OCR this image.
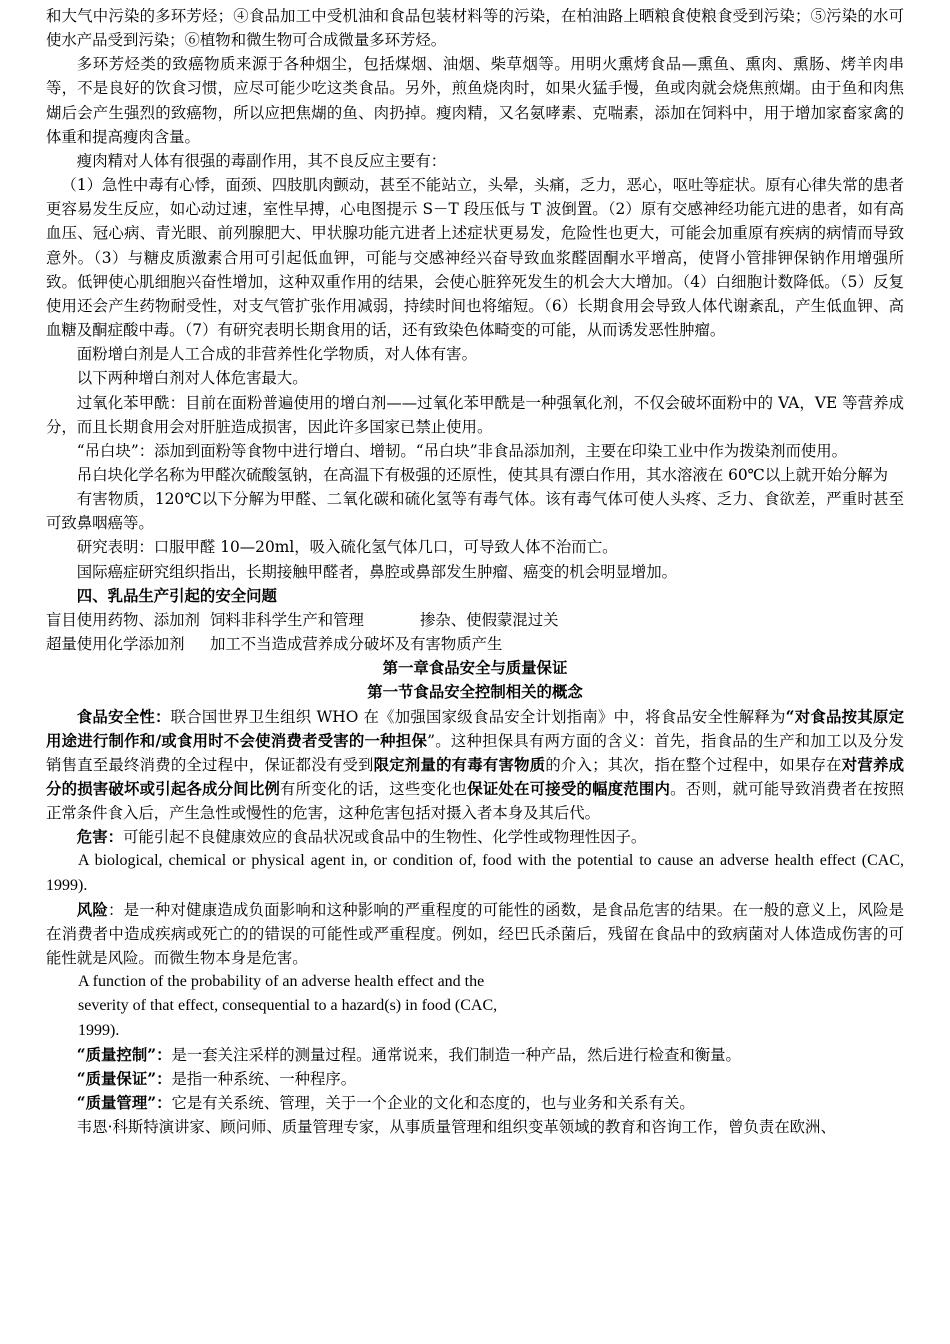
和大气中污染的多环芳烃；④食品加工中受机油和食品包装材料等的污染，在柏油路上晒粮食使粮食受到污染；⑤污染的水可使水产品受到污染；⑥植物和微生物可合成微量多环芳烃。

多环芳烃类的致癌物质来源于各种烟尘，包括煤烟、油烟、柴草烟等。用明火熏烤食品—熏鱼、熏肉、熏肠、烤羊肉串等，不是良好的饮食习惯，应尽可能少吃这类食品。另外，煎鱼烧肉时，如果火猛手慢，鱼或肉就会烧焦煎煳。由于鱼和肉焦煳后会产生强烈的致癌物，所以应把焦煳的鱼、肉扔掉。瘦肉精，又名氨哮素、克喘素，添加在饲料中，用于增加家畜家禽的体重和提高瘦肉含量。

瘦肉精对人体有很强的毒副作用，其不良反应主要有：

（1）急性中毒有心悸，面颈、四肢肌肉颤动，甚至不能站立，头晕，头痛，乏力，恶心，呕吐等症状。原有心律失常的患者更容易发生反应，如心动过速，室性早搏，心电图提示 S－T 段压低与 T 波倒置。（2）原有交感神经功能亢进的患者，如有高血压、冠心病、青光眼、前列腺肥大、甲状腺功能亢进者上述症状更易发，危险性也更大，可能会加重原有疾病的病情而导致意外。（3）与糖皮质激素合用可引起低血钾，可能与交感神经兴奋导致血浆醛固酮水平增高，使肾小管排钾保钠作用增强所致。低钾使心肌细胞兴奋性增加，这种双重作用的结果，会使心脏猝死发生的机会大大增加。（4）白细胞计数降低。（5）反复使用还会产生药物耐受性，对支气管扩张作用减弱，持续时间也将缩短。（6）长期食用会导致人体代谢紊乱，产生低血钾、高血糖及酮症酸中毒。（7）有研究表明长期食用的话，还有致染色体畸变的可能，从而诱发恶性肿瘤。

面粉增白剂是人工合成的非营养性化学物质，对人体有害。

以下两种增白剂对人体危害最大。

过氧化苯甲酰：目前在面粉普遍使用的增白剂——过氧化苯甲酰是一种强氧化剂，不仅会破坏面粉中的 VA，VE 等营养成分，而且长期食用会对肝脏造成损害，因此许多国家已禁止使用。

“吊白块”：添加到面粉等食物中进行增白、增韧。“吊白块”非食品添加剂，主要在印染工业中作为拨染剂而使用。

吊白块化学名称为甲醛次硫酸氢钠，在高温下有极强的还原性，使其具有漂白作用，其水溶液在 60℃以上就开始分解为

有害物质，120℃以下分解为甲醛、二氧化碳和硫化氢等有毒气体。该有毒气体可使人头疼、乏力、食欲差，严重时甚至可致鼻咽癌等。

研究表明：口服甲醛 10—20ml，吸入硫化氢气体几口，可导致人体不治而亡。

国际癌症研究组织指出，长期接触甲醛者，鼻腔或鼻部发生肿瘤、癌变的机会明显增加。

四、乳品生产引起的安全问题

盲目使用药物、添加剂 饲料非科学生产和管理	掺杂、使假蒙混过关
超量使用化学添加剂	加工不当造成营养成分破坏及有害物质产生

第一章食品安全与质量保证

第一节食品安全控制相关的概念

食品安全性：联合国世界卫生组织 WHO 在《加强国家级食品安全计划指南》中，将食品安全性解释为“对食品按其原定用途进行制作和/或食用时不会使消费者受害的一种担保”。这种担保具有两方面的含义：首先，指食品的生产和加工以及分发销售直至最终消费的全过程中，保证都没有受到限定剂量的有毒有害物质的介入；其次，指在整个过程中，如果存在对营养成分的损害破坏或引起各成分间比例有所变化的话，这些变化也保证处在可接受的幅度范围内。否则，就可能导致消费者在按照正常条件食入后，产生急性或慢性的危害，这种危害包括对摄入者本身及其后代。

危害：可能引起不良健康效应的食品状况或食品中的生物性、化学性或物理性因子。

A biological, chemical or physical agent in, or condition of, food with the potential to cause an adverse health effect (CAC, 1999).

风险：是一种对健康造成负面影响和这种影响的严重程度的可能性的函数，是食品危害的结果。在一般的意义上，风险是在消费者中造成疾病或死亡的的错误的可能性或严重程度。例如，经巴氏杀菌后，残留在食品中的致病菌对人体造成伤害的可能性就是风险。而微生物本身是危害。

A function of the probability of an adverse health effect and the
severity of that effect, consequential to a hazard(s) in food (CAC,
1999).

“质量控制”：是一套关注采样的测量过程。通常说来，我们制造一种产品，然后进行检查和衡量。

“质量保证”：是指一种系统、一种程序。

“质量管理”：它是有关系统、管理，关于一个企业的文化和态度的，也与业务和关系有关。

韦恩·科斯特演讲家、顾问师、质量管理专家，从事质量管理和组织变革领域的教育和咨询工作，曾负责在欧洲、
